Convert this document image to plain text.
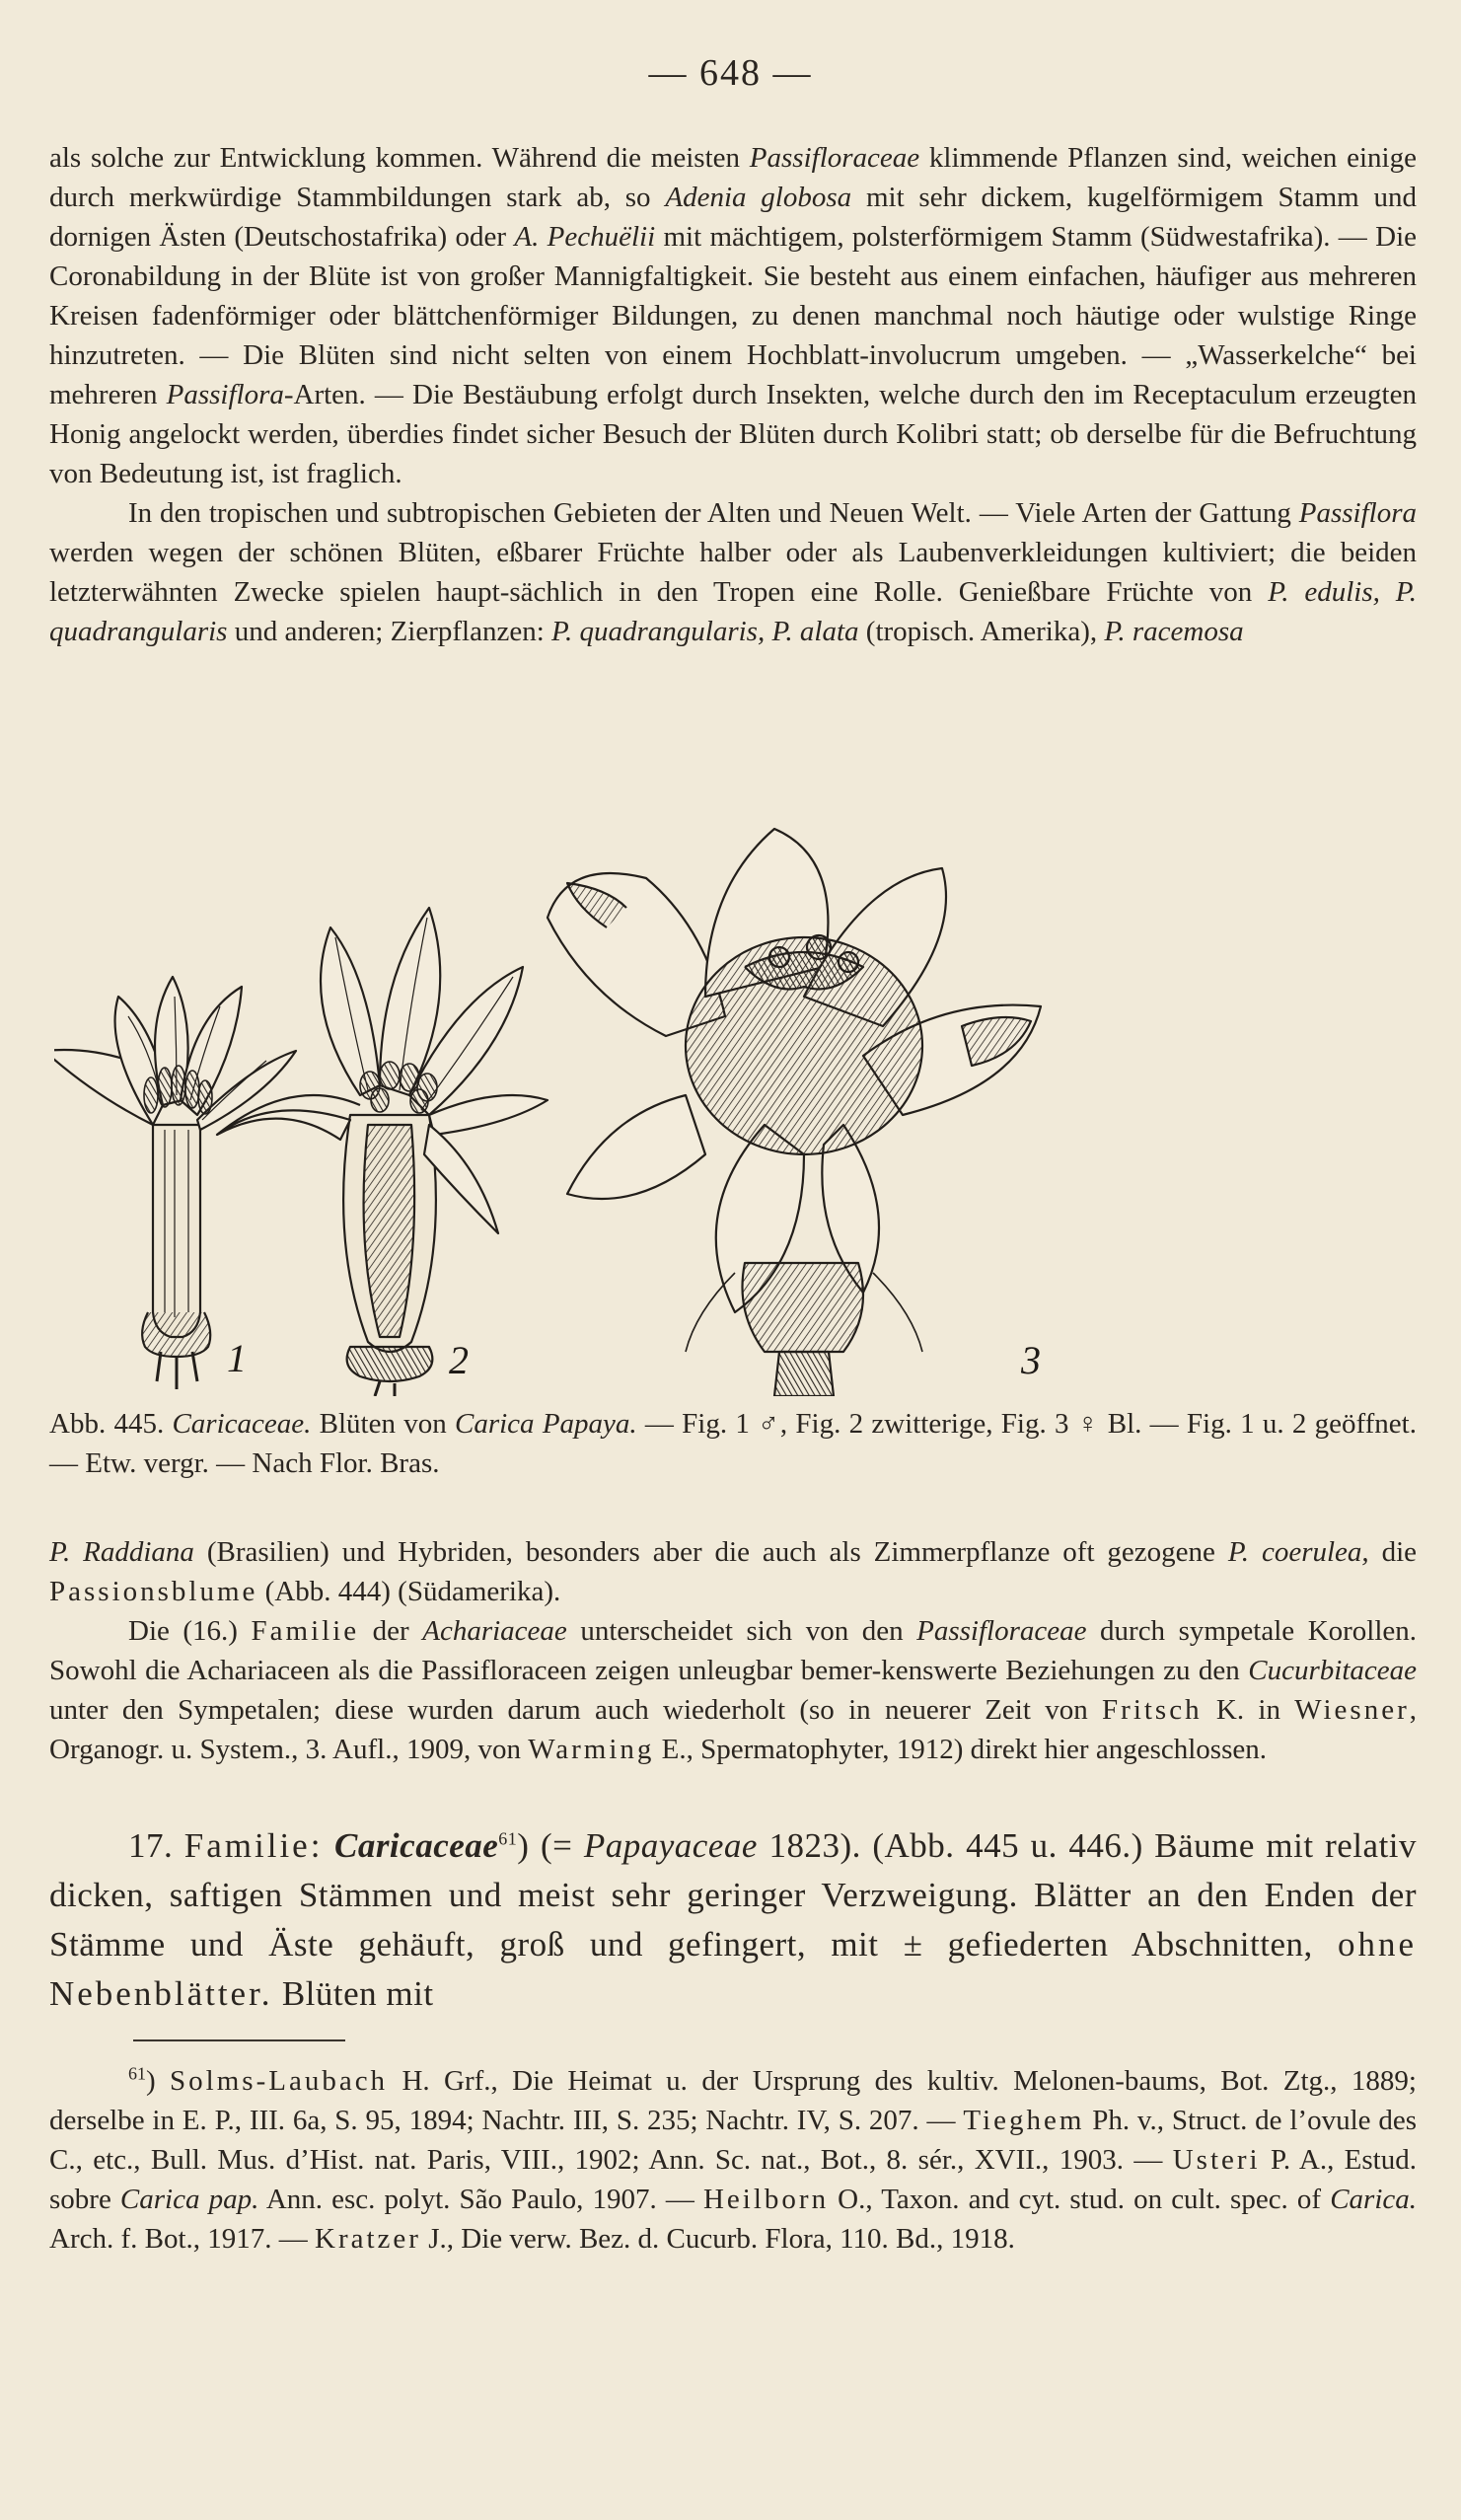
— 648 —

als solche zur Entwicklung kommen. Während die meisten Passifloraceae klimmende Pflanzen sind, weichen einige durch merkwürdige Stammbildungen stark ab, so Adenia globosa mit sehr dickem, kugelförmigem Stamm und dornigen Ästen (Deutschostafrika) oder A. Pechuëlii mit mächtigem, polsterförmigem Stamm (Südwestafrika). — Die Coronabildung in der Blüte ist von großer Mannigfaltigkeit. Sie besteht aus einem einfachen, häufiger aus mehreren Kreisen fadenförmiger oder blättchenförmiger Bildungen, zu denen manchmal noch häutige oder wulstige Ringe hinzutreten. — Die Blüten sind nicht selten von einem Hochblatt-involucrum umgeben. — „Wasserkelche“ bei mehreren Passiflora-Arten. — Die Bestäubung erfolgt durch Insekten, welche durch den im Receptaculum erzeugten Honig angelockt werden, überdies findet sicher Besuch der Blüten durch Kolibri statt; ob derselbe für die Befruchtung von Bedeutung ist, ist fraglich.

In den tropischen und subtropischen Gebieten der Alten und Neuen Welt. — Viele Arten der Gattung Passiflora werden wegen der schönen Blüten, eßbarer Früchte halber oder als Laubenverkleidungen kultiviert; die beiden letzterwähnten Zwecke spielen haupt-sächlich in den Tropen eine Rolle. Genießbare Früchte von P. edulis, P. quadrangularis und anderen; Zierpflanzen: P. quadrangularis, P. alata (tropisch. Amerika), P. racemosa

1	2	3
Abb. 445. Caricaceae. Blüten von Carica Papaya. — Fig. 1 ♂, Fig. 2 zwitterige, Fig. 3 ♀ Bl. — Fig. 1 u. 2 geöffnet. — Etw. vergr. — Nach Flor. Bras.

P. Raddiana (Brasilien) und Hybriden, besonders aber die auch als Zimmerpflanze oft gezogene P. coerulea, die Passionsblume (Abb. 444) (Südamerika).

Die (16.) Familie der Achariaceae unterscheidet sich von den Passifloraceae durch sympetale Korollen. Sowohl die Achariaceen als die Passifloraceen zeigen unleugbar bemer-kenswerte Beziehungen zu den Cucurbitaceae unter den Sympetalen; diese wurden darum auch wiederholt (so in neuerer Zeit von Fritsch K. in Wiesner, Organogr. u. System., 3. Aufl., 1909, von Warming E., Spermatophyter, 1912) direkt hier angeschlossen.

17. Familie: Caricaceae$^{61}$) (= Papayaceae 1823). (Abb. 445 u. 446.) Bäume mit relativ dicken, saftigen Stämmen und meist sehr geringer Verzweigung. Blätter an den Enden der Stämme und Äste gehäuft, groß und gefingert, mit ± gefiederten Abschnitten, ohne Nebenblätter. Blüten mit

$^{61}$) Solms-Laubach H. Grf., Die Heimat u. der Ursprung des kultiv. Melonen-baums, Bot. Ztg., 1889; derselbe in E. P., III. 6a, S. 95, 1894; Nachtr. III, S. 235; Nachtr. IV, S. 207. — Tieghem Ph. v., Struct. de l’ovule des C., etc., Bull. Mus. d’Hist. nat. Paris, VIII., 1902; Ann. Sc. nat., Bot., 8. sér., XVII., 1903. — Usteri P. A., Estud. sobre Carica pap. Ann. esc. polyt. São Paulo, 1907. — Heilborn O., Taxon. and cyt. stud. on cult. spec. of Carica. Arch. f. Bot., 1917. — Kratzer J., Die verw. Bez. d. Cucurb. Flora, 110. Bd., 1918.
